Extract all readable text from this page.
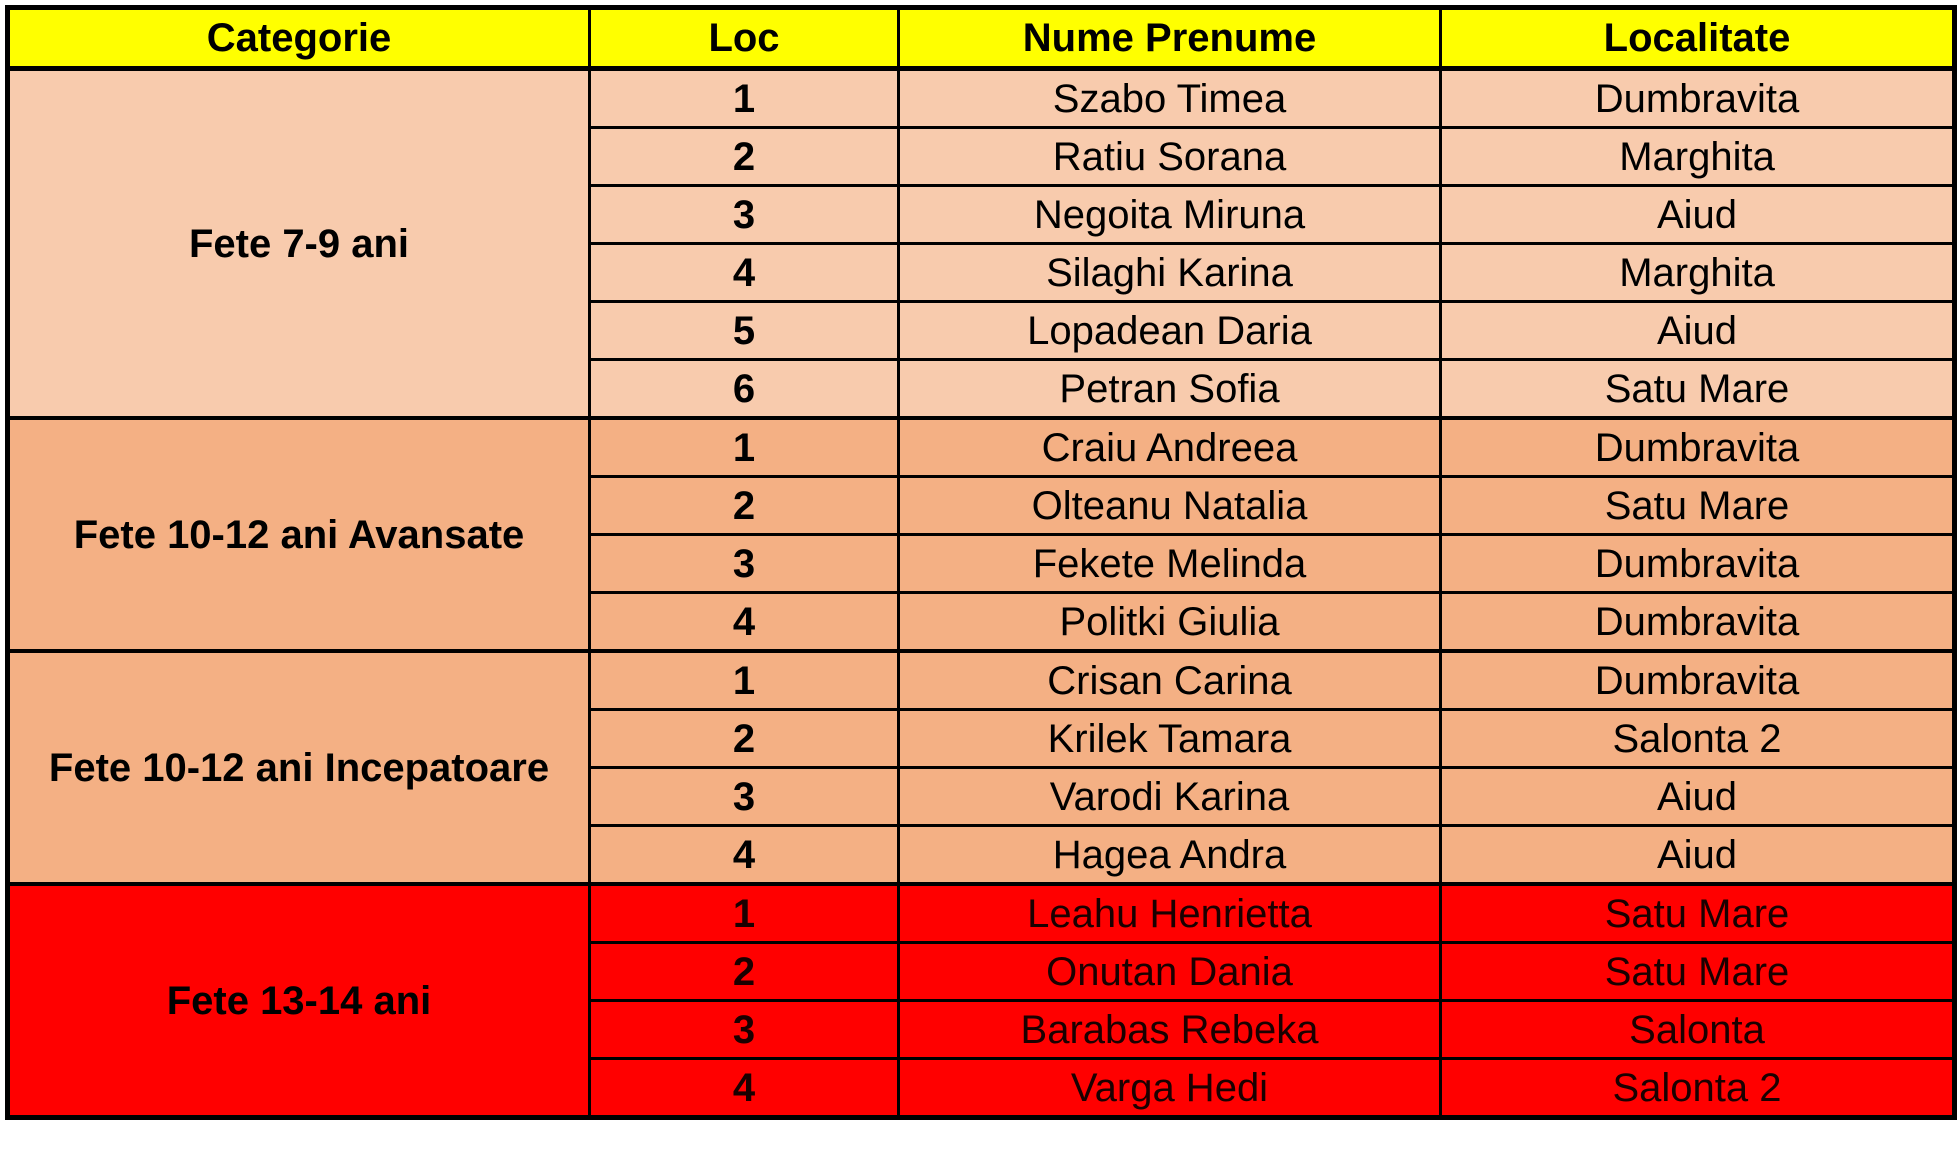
Categorie	Loc	Nume Prenume	Localitate
Fete 7-9 ani	1	Szabo Timea	Dumbravita
	2	Ratiu Sorana	Marghita
	3	Negoita Miruna	Aiud
	4	Silaghi Karina	Marghita
	5	Lopadean Daria	Aiud
	6	Petran Sofia	Satu Mare
Fete 10-12 ani Avansate	1	Craiu Andreea	Dumbravita
	2	Olteanu Natalia	Satu Mare
	3	Fekete Melinda	Dumbravita
	4	Politki Giulia	Dumbravita
Fete 10-12 ani Incepatoare	1	Crisan Carina	Dumbravita
	2	Krilek Tamara	Salonta 2
	3	Varodi Karina	Aiud
	4	Hagea Andra	Aiud
Fete 13-14 ani	1	Leahu Henrietta	Satu Mare
	2	Onutan Dania	Satu Mare
	3	Barabas Rebeka	Salonta
	4	Varga Hedi	Salonta 2
